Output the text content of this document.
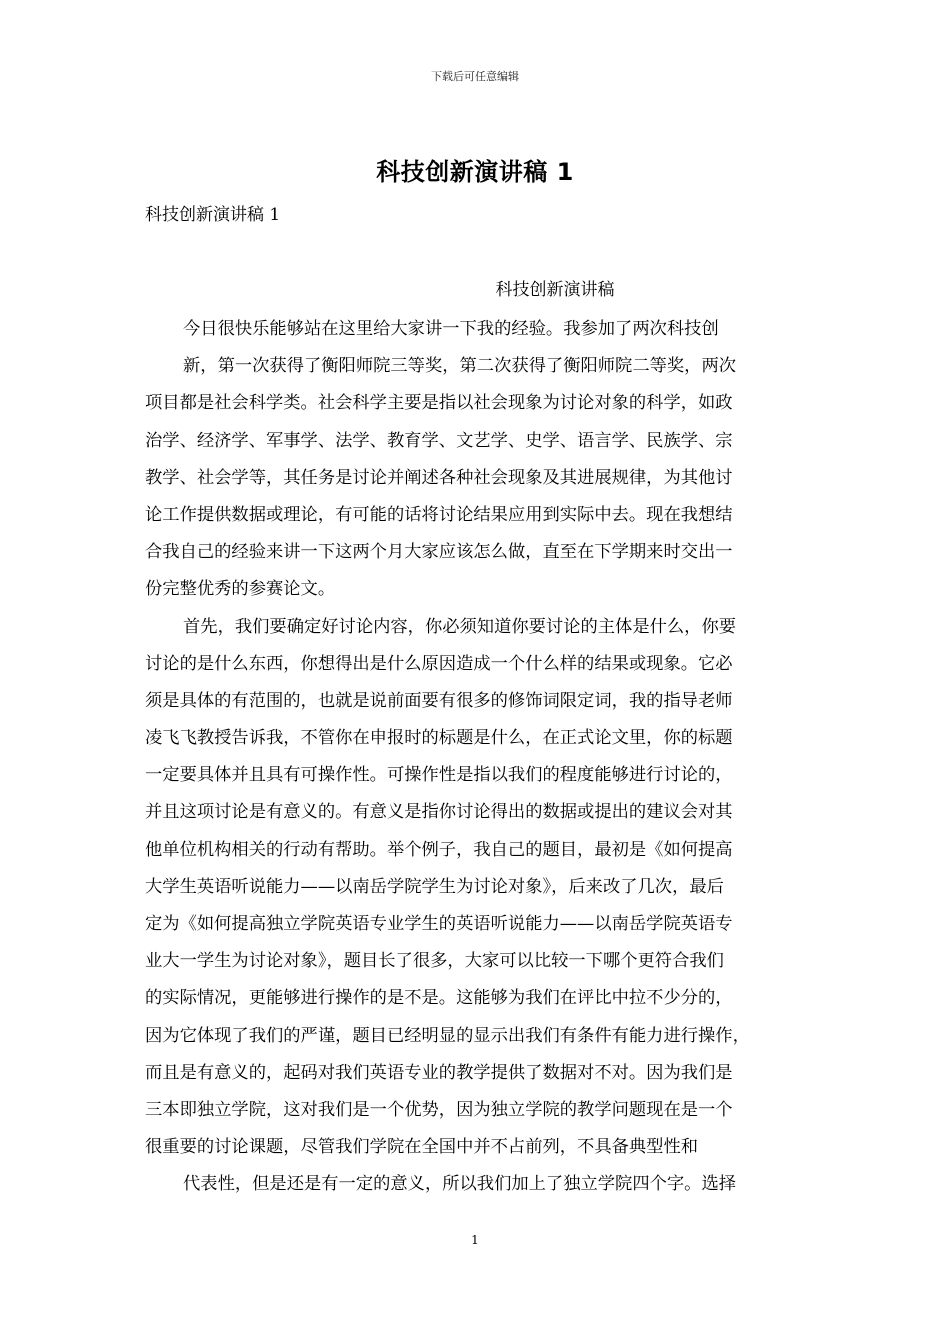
下载后可任意编辑
科技创新演讲稿 1
科技创新演讲稿 1
科技创新演讲稿
今日很快乐能够站在这里给大家讲一下我的经验。我参加了两次科技创
新，第一次获得了衡阳师院三等奖，第二次获得了衡阳师院二等奖，两次
项目都是社会科学类。社会科学主要是指以社会现象为讨论对象的科学，如政
治学、经济学、军事学、法学、教育学、文艺学、史学、语言学、民族学、宗
教学、社会学等，其任务是讨论并阐述各种社会现象及其进展规律，为其他讨
论工作提供数据或理论，有可能的话将讨论结果应用到实际中去。现在我想结
合我自己的经验来讲一下这两个月大家应该怎么做，直至在下学期来时交出一
份完整优秀的参赛论文。
首先，我们要确定好讨论内容，你必须知道你要讨论的主体是什么，你要
讨论的是什么东西，你想得出是什么原因造成一个什么样的结果或现象。它必
须是具体的有范围的，也就是说前面要有很多的修饰词限定词，我的指导老师
凌飞飞教授告诉我，不管你在申报时的标题是什么，在正式论文里，你的标题
一定要具体并且具有可操作性。可操作性是指以我们的程度能够进行讨论的，
并且这项讨论是有意义的。有意义是指你讨论得出的数据或提出的建议会对其
他单位机构相关的行动有帮助。举个例子，我自己的题目，最初是《如何提高
大学生英语听说能力——以南岳学院学生为讨论对象》，后来改了几次，最后
定为《如何提高独立学院英语专业学生的英语听说能力——以南岳学院英语专
业大一学生为讨论对象》，题目长了很多，大家可以比较一下哪个更符合我们
的实际情况，更能够进行操作的是不是。这能够为我们在评比中拉不少分的，
因为它体现了我们的严谨，题目已经明显的显示出我们有条件有能力进行操作，
而且是有意义的，起码对我们英语专业的教学提供了数据对不对。因为我们是
三本即独立学院，这对我们是一个优势，因为独立学院的教学问题现在是一个
很重要的讨论课题，尽管我们学院在全国中并不占前列，不具备典型性和
代表性，但是还是有一定的意义，所以我们加上了独立学院四个字。选择
1
